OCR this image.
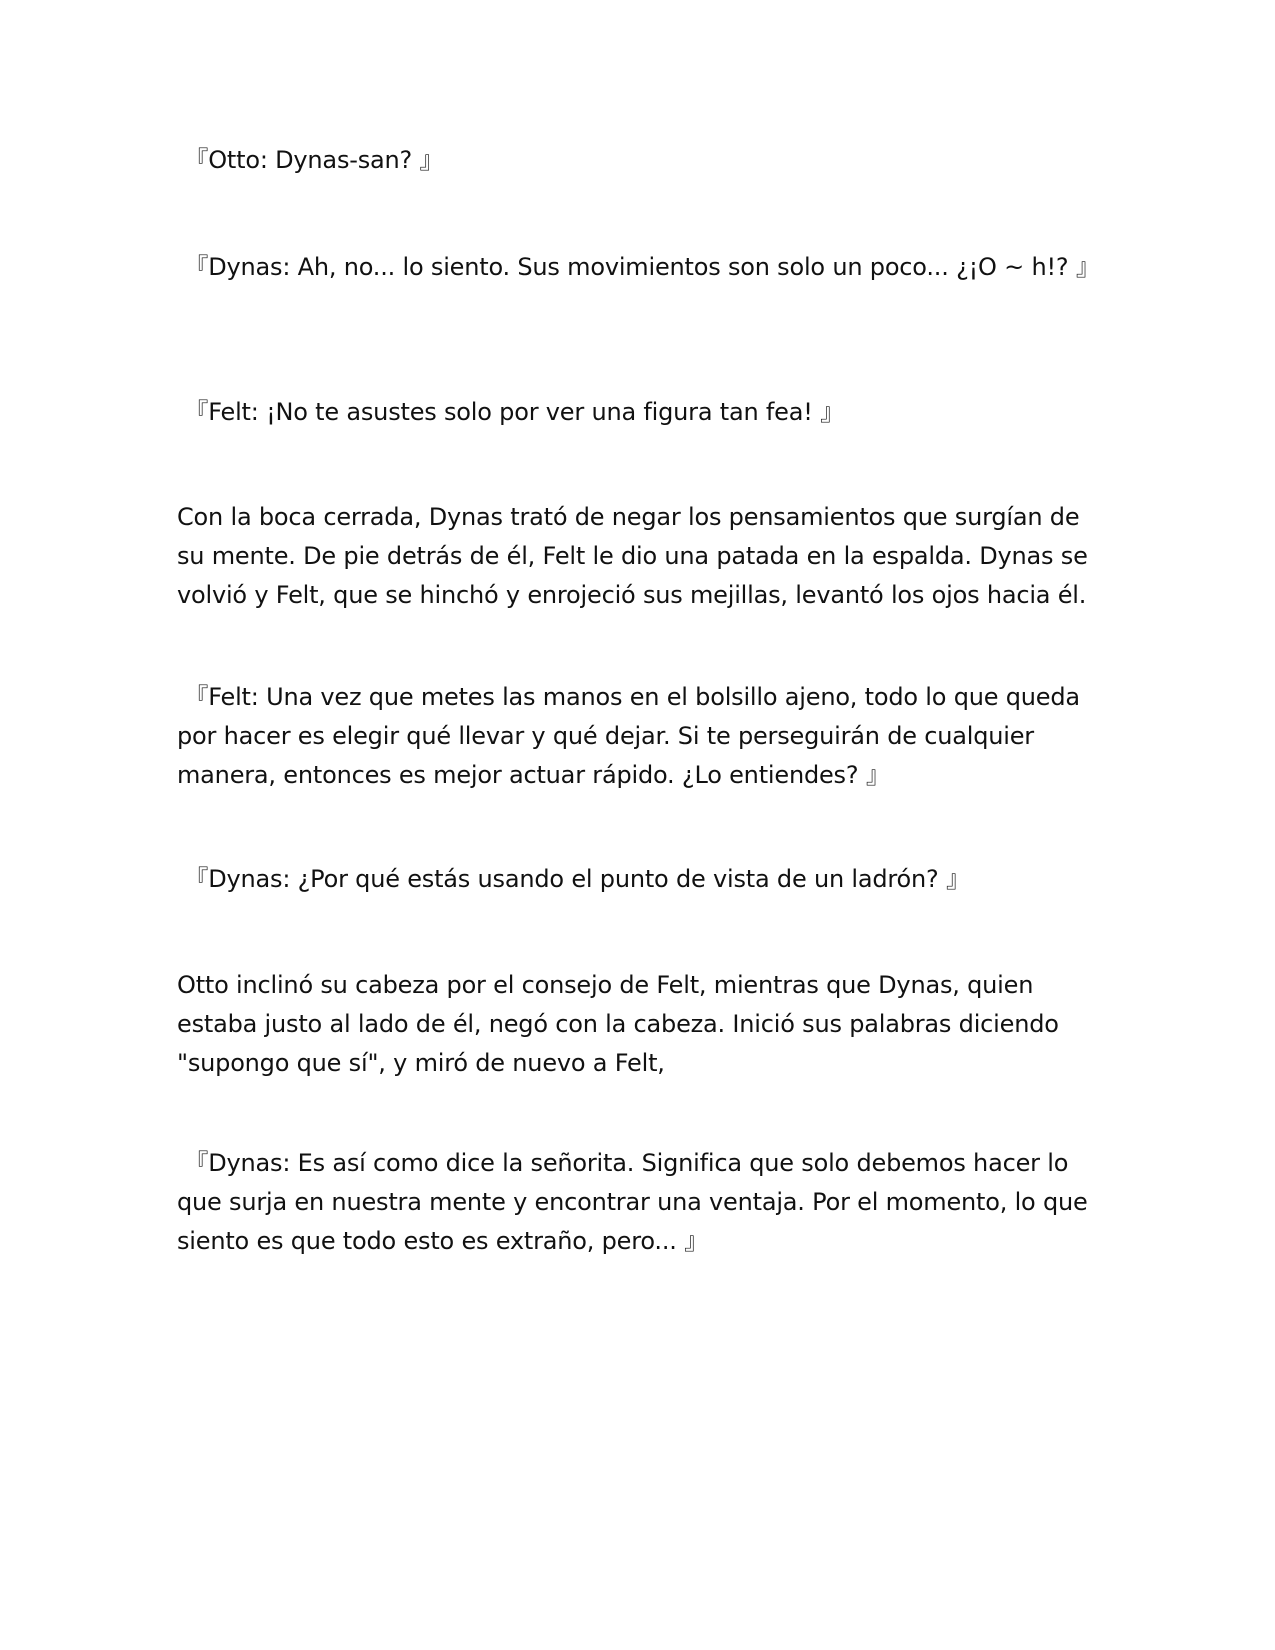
『Otto: Dynas-san? 』

『Dynas: Ah, no... lo siento. Sus movimientos son solo un poco... ¿¡O ~ h!? 』

『Felt: ¡No te asustes solo por ver una figura tan fea! 』

Con la boca cerrada, Dynas trató de negar los pensamientos que surgían de su mente. De pie detrás de él, Felt le dio una patada en la espalda. Dynas se volvió y Felt, que se hinchó y enrojeció sus mejillas, levantó los ojos hacia él.

『Felt: Una vez que metes las manos en el bolsillo ajeno, todo lo que queda por hacer es elegir qué llevar y qué dejar. Si te perseguirán de cualquier manera, entonces es mejor actuar rápido. ¿Lo entiendes? 』

『Dynas: ¿Por qué estás usando el punto de vista de un ladrón? 』

Otto inclinó su cabeza por el consejo de Felt, mientras que Dynas, quien estaba justo al lado de él, negó con la cabeza. Inició sus palabras diciendo "supongo que sí", y miró de nuevo a Felt,

『Dynas: Es así como dice la señorita. Significa que solo debemos hacer lo que surja en nuestra mente y encontrar una ventaja. Por el momento, lo que siento es que todo esto es extraño, pero... 』
